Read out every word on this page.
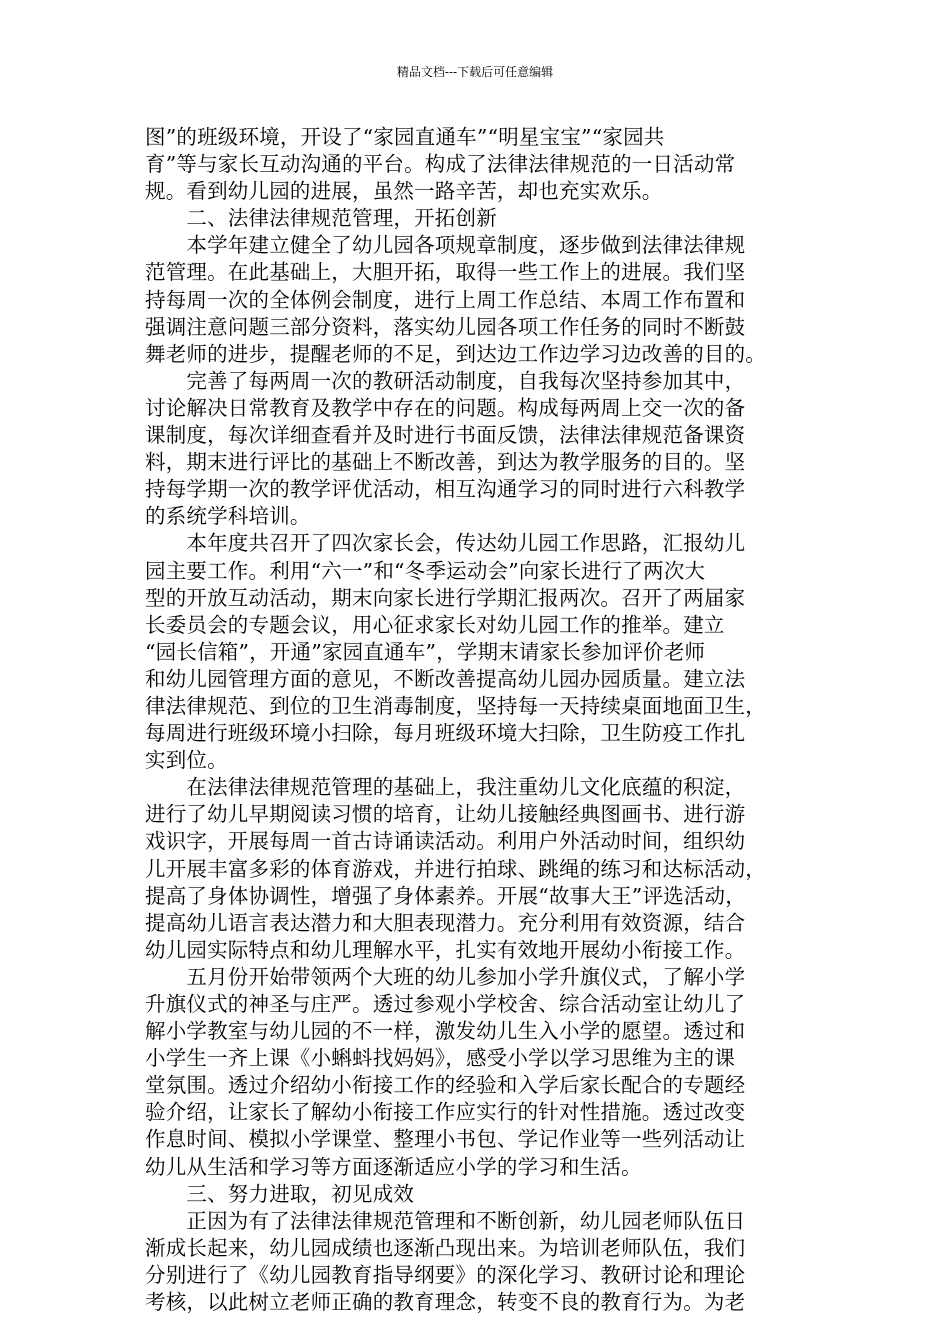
精品文档---下载后可任意编辑
图”的班级环境，开设了“家园直通车”“明星宝宝”“家园共
育”等与家长互动沟通的平台。构成了法律法律规范的一日活动常
规。看到幼儿园的进展，虽然一路辛苦，却也充实欢乐。
　　二、法律法律规范管理，开拓创新
　　本学年建立健全了幼儿园各项规章制度，逐步做到法律法律规
范管理。在此基础上，大胆开拓，取得一些工作上的进展。我们坚
持每周一次的全体例会制度，进行上周工作总结、本周工作布置和
强调注意问题三部分资料，落实幼儿园各项工作任务的同时不断鼓
舞老师的进步，提醒老师的不足，到达边工作边学习边改善的目的。
　　完善了每两周一次的教研活动制度，自我每次坚持参加其中，
讨论解决日常教育及教学中存在的问题。构成每两周上交一次的备
课制度，每次详细查看并及时进行书面反馈，法律法律规范备课资
料，期末进行评比的基础上不断改善，到达为教学服务的目的。坚
持每学期一次的教学评优活动，相互沟通学习的同时进行六科教学
的系统学科培训。
　　本年度共召开了四次家长会，传达幼儿园工作思路，汇报幼儿
园主要工作。利用“六一”和“冬季运动会”向家长进行了两次大
型的开放互动活动，期末向家长进行学期汇报两次。召开了两届家
长委员会的专题会议，用心征求家长对幼儿园工作的推举。建立
“园长信箱”，开通”家园直通车”，学期末请家长参加评价老师
和幼儿园管理方面的意见，不断改善提高幼儿园办园质量。建立法
律法律规范、到位的卫生消毒制度，坚持每一天持续桌面地面卫生，
每周进行班级环境小扫除，每月班级环境大扫除，卫生防疫工作扎
实到位。
　　在法律法律规范管理的基础上，我注重幼儿文化底蕴的积淀，
进行了幼儿早期阅读习惯的培育，让幼儿接触经典图画书、进行游
戏识字，开展每周一首古诗诵读活动。利用户外活动时间，组织幼
儿开展丰富多彩的体育游戏，并进行拍球、跳绳的练习和达标活动，
提高了身体协调性，增强了身体素养。开展“故事大王”评选活动，
提高幼儿语言表达潜力和大胆表现潜力。充分利用有效资源，结合
幼儿园实际特点和幼儿理解水平，扎实有效地开展幼小衔接工作。
　　五月份开始带领两个大班的幼儿参加小学升旗仪式，了解小学
升旗仪式的神圣与庄严。透过参观小学校舍、综合活动室让幼儿了
解小学教室与幼儿园的不一样，激发幼儿生入小学的愿望。透过和
小学生一齐上课《小蝌蚪找妈妈》，感受小学以学习思维为主的课
堂氛围。透过介绍幼小衔接工作的经验和入学后家长配合的专题经
验介绍，让家长了解幼小衔接工作应实行的针对性措施。透过改变
作息时间、模拟小学课堂、整理小书包、学记作业等一些列活动让
幼儿从生活和学习等方面逐渐适应小学的学习和生活。
　　三、努力进取，初见成效
　　正因为有了法律法律规范管理和不断创新，幼儿园老师队伍日
渐成长起来，幼儿园成绩也逐渐凸现出来。为培训老师队伍，我们
分别进行了《幼儿园教育指导纲要》的深化学习、教研讨论和理论
考核，以此树立老师正确的教育理念，转变不良的教育行为。为老
